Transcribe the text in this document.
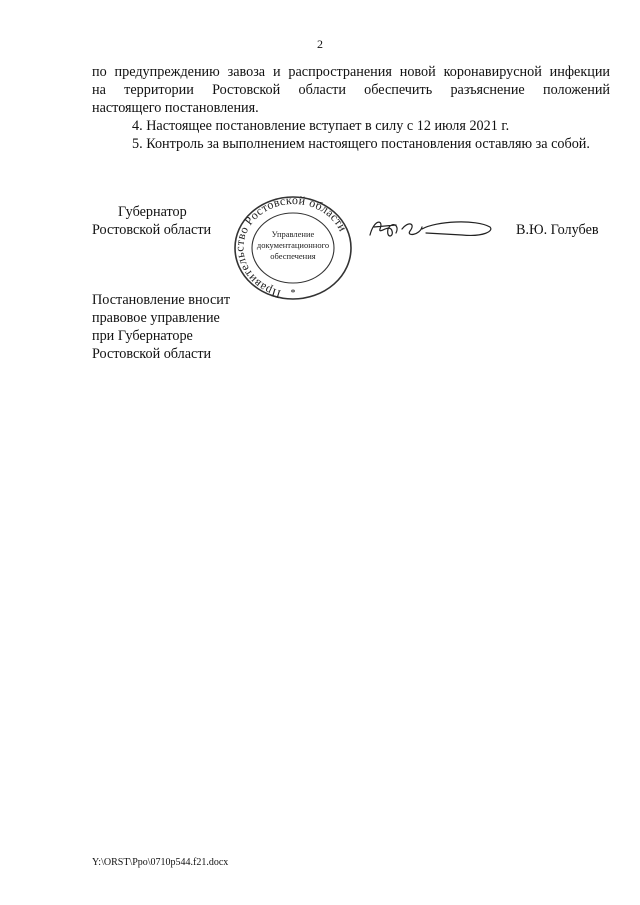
2

по предупреждению завоза и распространения новой коронавирусной инфекции
на территории Ростовской области обеспечить разъяснение положений
настоящего постановления.

4. Настоящее постановление вступает в силу с 12 июля 2021 г.

5. Контроль за выполнением настоящего постановления оставляю за собой.

Губернатор
Ростовской области
Правительство Ростовской области
Управление
документационного
обеспечения
*
В.Ю. Голубев
Постановление вносит
правовое управление
при Губернаторе
Ростовской области
Y:\ORST\Ppo\0710p544.f21.docx
